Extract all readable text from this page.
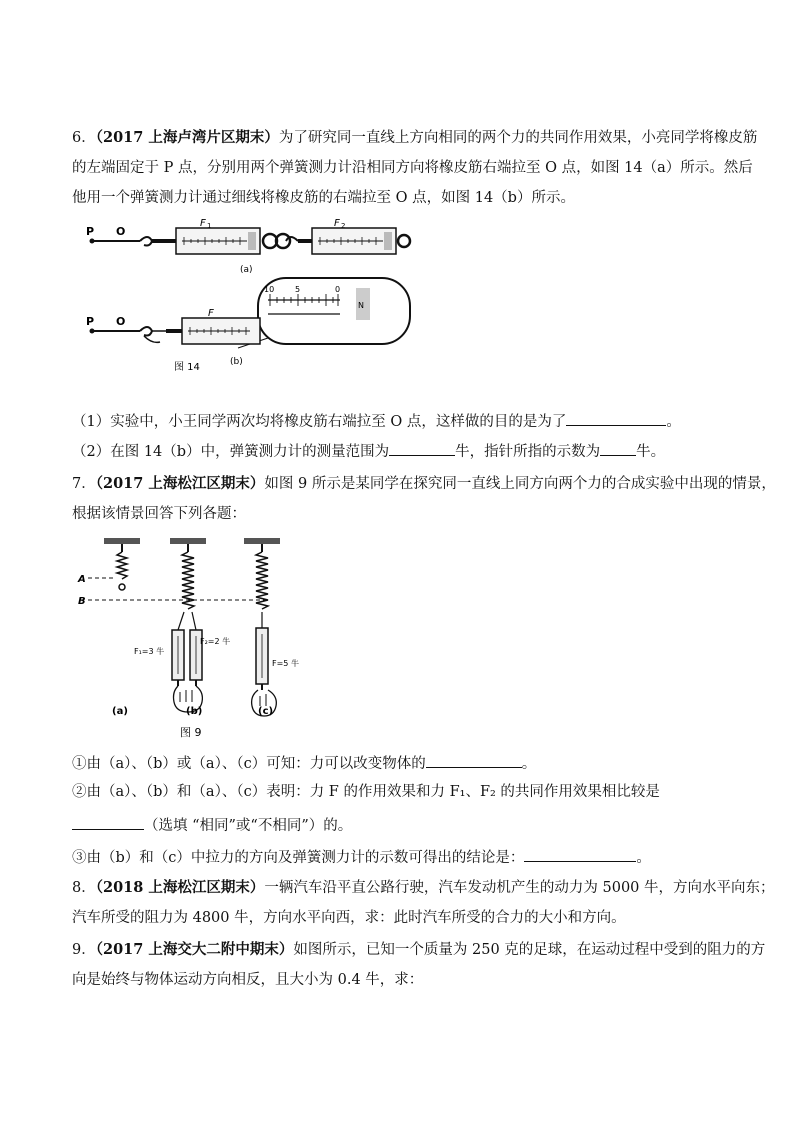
6．（2017 上海卢湾片区期末）为了研究同一直线上方向相同的两个力的共同作用效果，小亮同学将橡皮筋
的左端固定于 P 点，分别用两个弹簧测力计沿相同方向将橡皮筋右端拉至 O 点，如图 14（a）所示。然后
他用一个弹簧测力计通过细线将橡皮筋的右端拉至 O 点，如图 14（b）所示。
P O
F 1	F 2
(a)
10	5	0
N
P O
F
(b)
图 14
（1）实验中，小王同学两次均将橡皮筋右端拉至 O 点，这样做的目的是为了	。
（2）在图 14（b）中，弹簧测力计的测量范围为	牛，指针所指的示数为 牛。
7．（2017 上海松江区期末）如图 9 所示是某同学在探究同一直线上同方向两个力的合成实验中出现的情景，
根据该情景回答下列各题：
A
B
F₂=2 牛
F₁=3 牛
F=5 牛
(a)	(b)	(c)
图 9
①由（a）、（b）或（a）、（c）可知：力可以改变物体的	。
②由（a）、（b）和（a）、（c）表明：力 F 的作用效果和力 F₁、F₂ 的共同作用效果相比较是
（选填 “相同”或“不相同”）的。
③由（b）和（c）中拉力的方向及弹簧测力计的示数可得出的结论是：	。
8．（2018 上海松江区期末）一辆汽车沿平直公路行驶，汽车发动机产生的动力为 5000 牛，方向水平向东；
汽车所受的阻力为 4800 牛，方向水平向西，求：此时汽车所受的合力的大小和方向。
9．（2017 上海交大二附中期末）如图所示，已知一个质量为 250 克的足球，在运动过程中受到的阻力的方
向是始终与物体运动方向相反，且大小为 0.4 牛，求：
